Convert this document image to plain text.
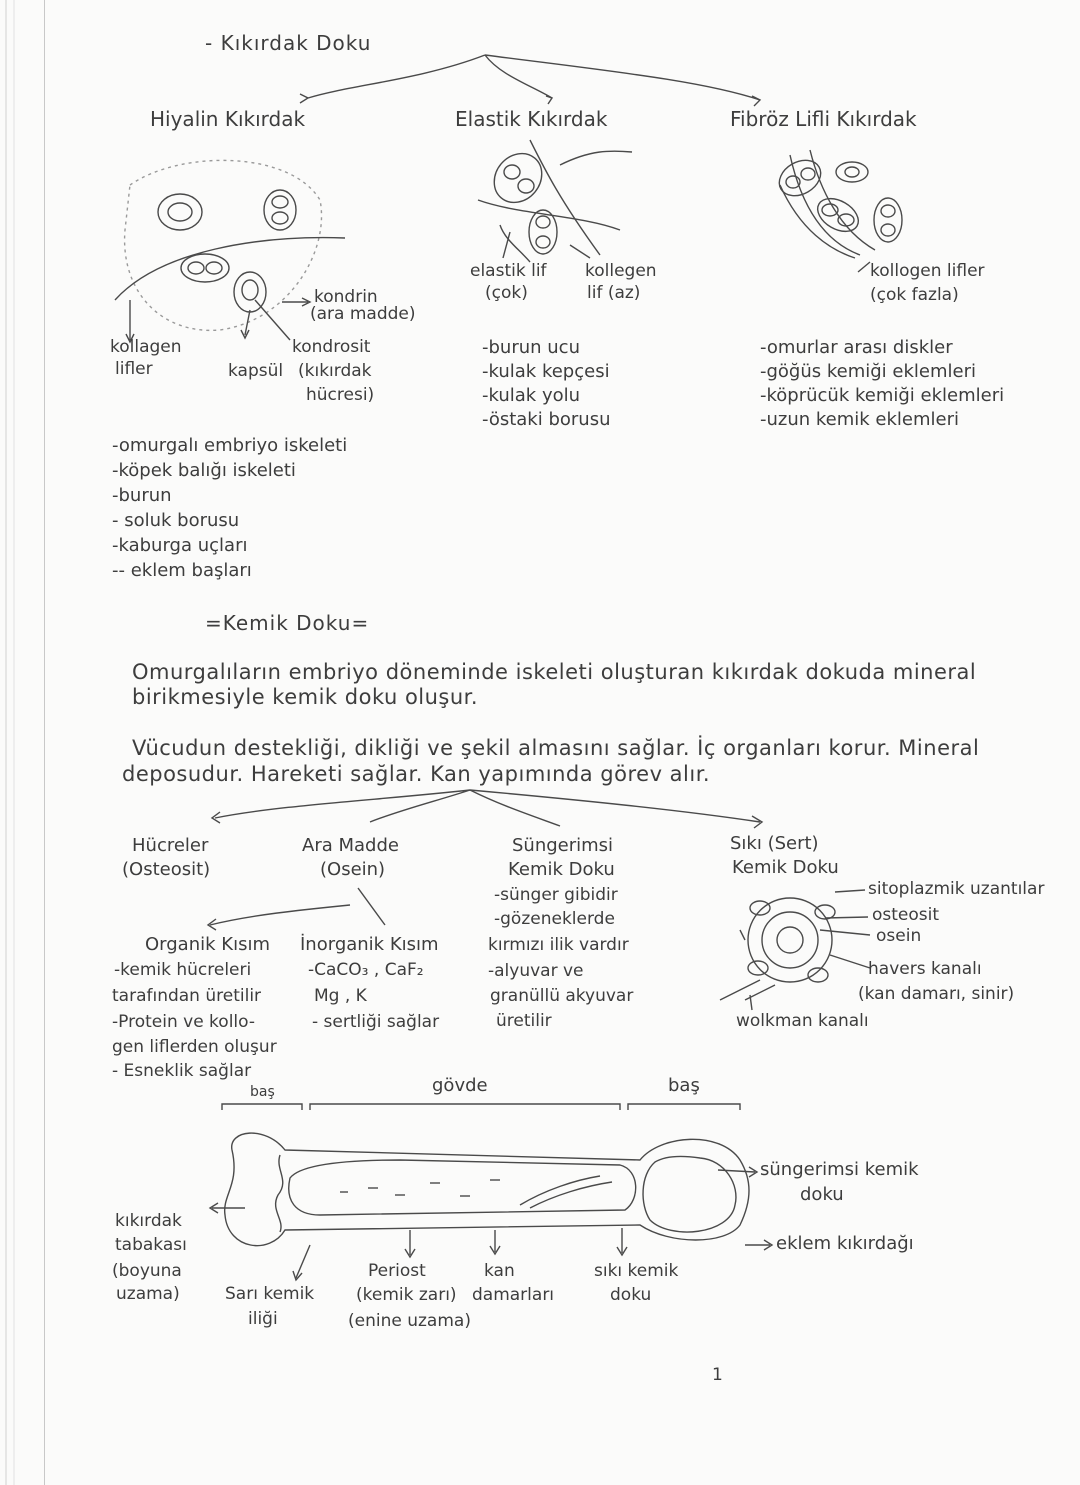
- Kıkırdak Doku
Hiyalin Kıkırdak	Elastik Kıkırdak	Fibröz Lifli Kıkırdak
kondrin
(ara madde)
kollagen
lifler	kapsül
kondrosit
(kıkırdak
hücresi)
-omurgalı embriyo iskeleti
-köpek balığı iskeleti
-burun
- soluk borusu
-kaburga uçları
-- eklem başları
elastik lif
(çok)
kollegen
lif (az)
-burun ucu
-kulak kepçesi
-kulak yolu
-östaki borusu
kollogen lifler
(çok fazla)
-omurlar arası diskler
-göğüs kemiği eklemleri
-köprücük kemiği eklemleri
-uzun kemik eklemleri
=Kemik Doku=
Omurgalıların embriyo döneminde iskeleti oluşturan kıkırdak dokuda mineral
birikmesiyle kemik doku oluşur.
Vücudun destekliği, dikliği ve şekil almasını sağlar. İç organları korur. Mineral
deposudur. Hareketi sağlar. Kan yapımında görev alır.
Hücreler
(Osteosit)
Ara Madde
(Osein)
Süngerimsi
Kemik Doku
-sünger gibidir
-gözeneklerde
kırmızı ilik vardır
-alyuvar ve
granüllü akyuvar
üretilir
Sıkı (Sert)
Kemik Doku
sitoplazmik uzantılar
osteosit
osein
havers kanalı
(kan damarı, sinir)
wolkman kanalı
Organik Kısım
-kemik hücreleri
tarafından üretilir
-Protein ve kollo-
gen liflerden oluşur
- Esneklik sağlar
İnorganik Kısım
-CaCO₃ , CaF₂
Mg , K
- sertliği sağlar
baş	gövde	baş
kıkırdak
tabakası
(boyuna
uzama)	Sarı kemik
iliği
Periost
(kemik zarı)
(enine uzama)
kan
damarları
sıkı kemik
doku
süngerimsi kemik
doku
eklem kıkırdağı
1
